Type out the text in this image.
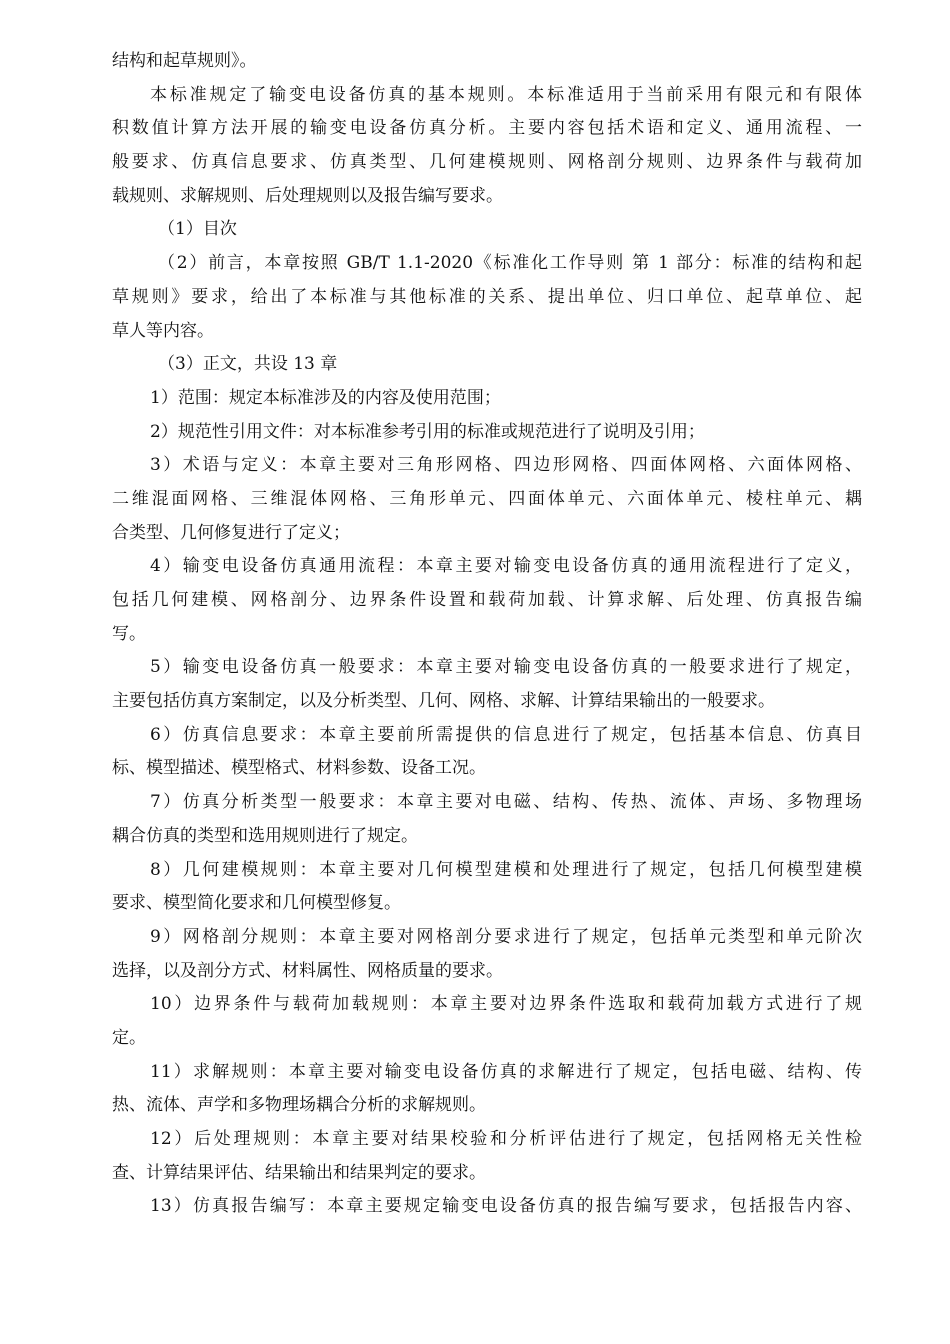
结构和起草规则》。
本标准规定了输变电设备仿真的基本规则。本标准适用于当前采用有限元和有限体
积数值计算方法开展的输变电设备仿真分析。主要内容包括术语和定义、通用流程、一
般要求、仿真信息要求、仿真类型、几何建模规则、网格剖分规则、边界条件与载荷加
载规则、求解规则、后处理规则以及报告编写要求。
（1）目次
（2）前言，本章按照 GB/T 1.1-2020《标准化工作导则 第 1 部分：标准的结构和起
草规则》要求，给出了本标准与其他标准的关系、提出单位、归口单位、起草单位、起
草人等内容。
（3）正文，共设 13 章
1）范围：规定本标准涉及的内容及使用范围；
2）规范性引用文件：对本标准参考引用的标准或规范进行了说明及引用；
3）术语与定义：本章主要对三角形网格、四边形网格、四面体网格、六面体网格、
二维混面网格、三维混体网格、三角形单元、四面体单元、六面体单元、棱柱单元、耦
合类型、几何修复进行了定义；
4）输变电设备仿真通用流程：本章主要对输变电设备仿真的通用流程进行了定义，
包括几何建模、网格剖分、边界条件设置和载荷加载、计算求解、后处理、仿真报告编
写。
5）输变电设备仿真一般要求：本章主要对输变电设备仿真的一般要求进行了规定，
主要包括仿真方案制定，以及分析类型、几何、网格、求解、计算结果输出的一般要求。
6）仿真信息要求：本章主要前所需提供的信息进行了规定，包括基本信息、仿真目
标、模型描述、模型格式、材料参数、设备工况。
7）仿真分析类型一般要求：本章主要对电磁、结构、传热、流体、声场、多物理场
耦合仿真的类型和选用规则进行了规定。
8）几何建模规则：本章主要对几何模型建模和处理进行了规定，包括几何模型建模
要求、模型简化要求和几何模型修复。
9）网格剖分规则：本章主要对网格剖分要求进行了规定，包括单元类型和单元阶次
选择，以及剖分方式、材料属性、网格质量的要求。
10）边界条件与载荷加载规则：本章主要对边界条件选取和载荷加载方式进行了规
定。
11）求解规则：本章主要对输变电设备仿真的求解进行了规定，包括电磁、结构、传
热、流体、声学和多物理场耦合分析的求解规则。
12）后处理规则：本章主要对结果校验和分析评估进行了规定，包括网格无关性检
查、计算结果评估、结果输出和结果判定的要求。
13）仿真报告编写：本章主要规定输变电设备仿真的报告编写要求，包括报告内容、
